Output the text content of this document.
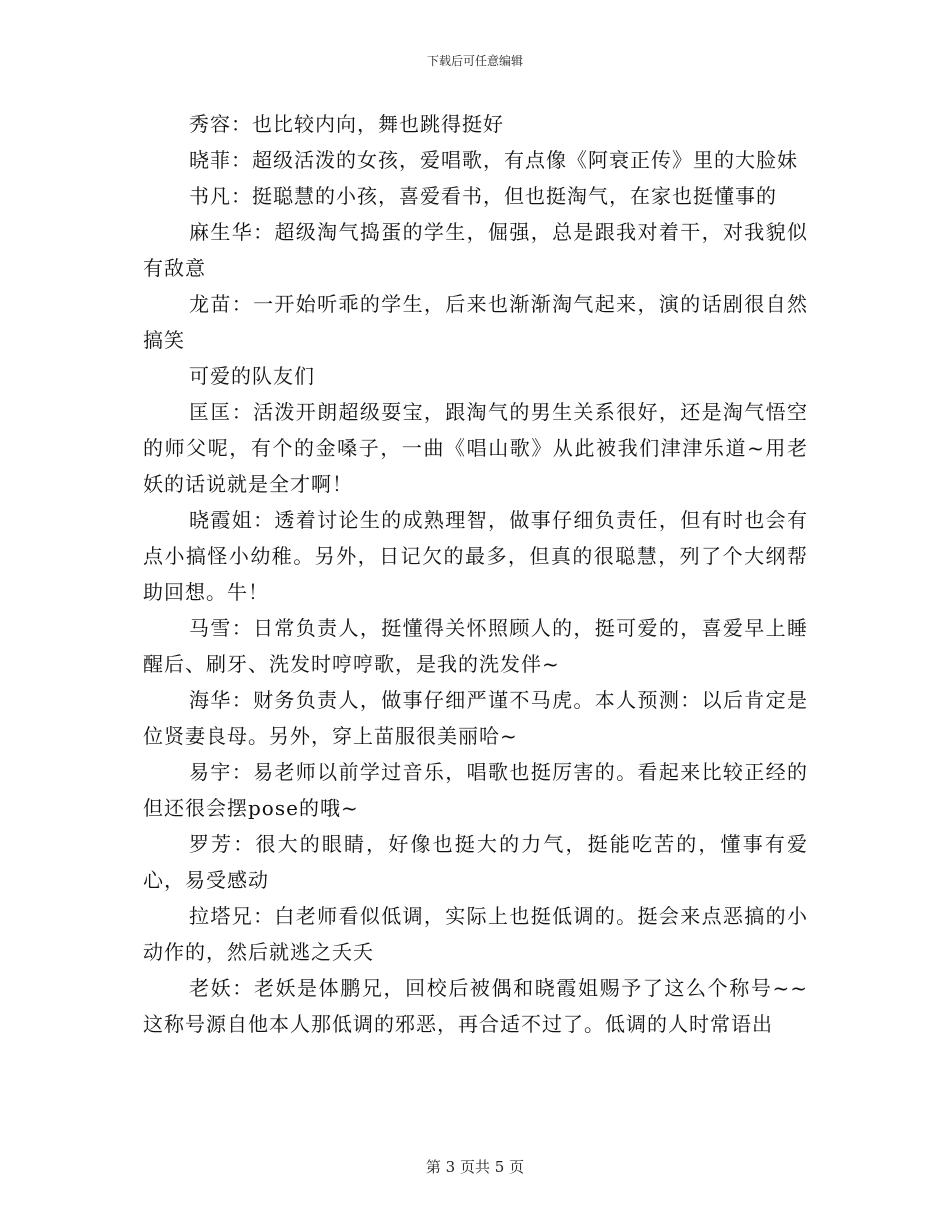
下载后可任意编辑

秀容：也比较内向，舞也跳得挺好

晓菲：超级活泼的女孩，爱唱歌，有点像《阿衰正传》里的大脸妹

书凡：挺聪慧的小孩，喜爱看书，但也挺淘气，在家也挺懂事的

麻生华：超级淘气捣蛋的学生，倔强，总是跟我对着干，对我貌似有敌意

龙苗：一开始听乖的学生，后来也渐渐淘气起来，演的话剧很自然搞笑

可爱的队友们

匡匡：活泼开朗超级耍宝，跟淘气的男生关系很好，还是淘气悟空的师父呢，有个的金嗓子，一曲《唱山歌》从此被我们津津乐道~用老妖的话说就是全才啊！

晓霞姐：透着讨论生的成熟理智，做事仔细负责任，但有时也会有点小搞怪小幼稚。另外，日记欠的最多，但真的很聪慧，列了个大纲帮助回想。牛！

马雪：日常负责人，挺懂得关怀照顾人的，挺可爱的，喜爱早上睡醒后、刷牙、洗发时哼哼歌，是我的洗发伴~

海华：财务负责人，做事仔细严谨不马虎。本人预测：以后肯定是位贤妻良母。另外，穿上苗服很美丽哈~

易宇：易老师以前学过音乐，唱歌也挺厉害的。看起来比较正经的但还很会摆pose的哦~

罗芳：很大的眼睛，好像也挺大的力气，挺能吃苦的，懂事有爱心，易受感动

拉塔兄：白老师看似低调，实际上也挺低调的。挺会来点恶搞的小动作的，然后就逃之夭夭

老妖：老妖是体鹏兄，回校后被偶和晓霞姐赐予了这么个称号~~这称号源自他本人那低调的邪恶，再合适不过了。低调的人时常语出

第 3 页共 5 页
